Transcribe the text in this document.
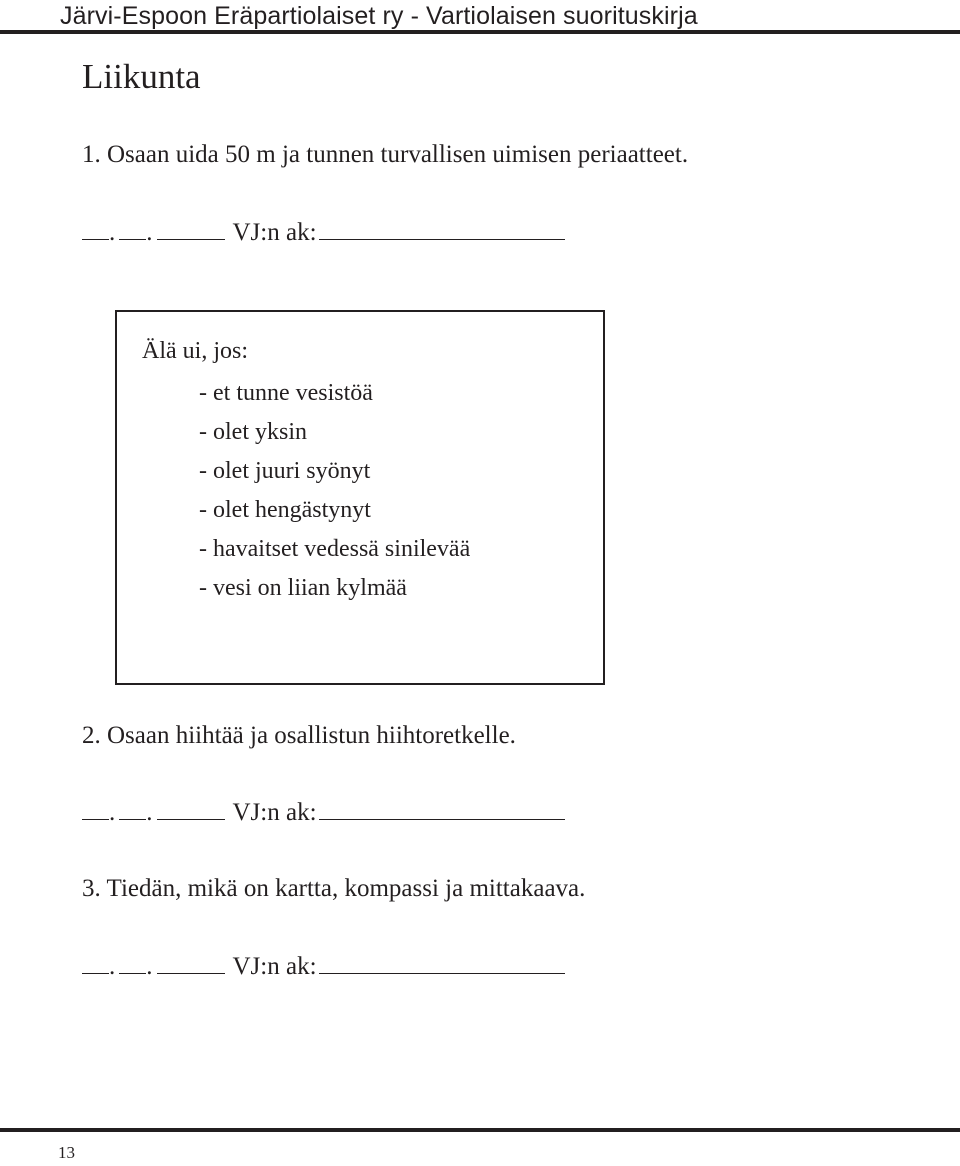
Järvi-Espoon Eräpartiolaiset ry - Vartiolaisen suorituskirja
Liikunta
1. Osaan uida 50 m ja tunnen turvallisen uimisen periaatteet.
. .	VJ:n ak:
Älä ui, jos:
- et tunne vesistöä
- olet yksin
- olet juuri syönyt
- olet hengästynyt
- havaitset vedessä sinilevää
- vesi on liian kylmää
2. Osaan hiihtää ja osallistun hiihtoretkelle.
. .	VJ:n ak:
3. Tiedän, mikä on kartta, kompassi ja mittakaava.
. .	VJ:n ak:
13
